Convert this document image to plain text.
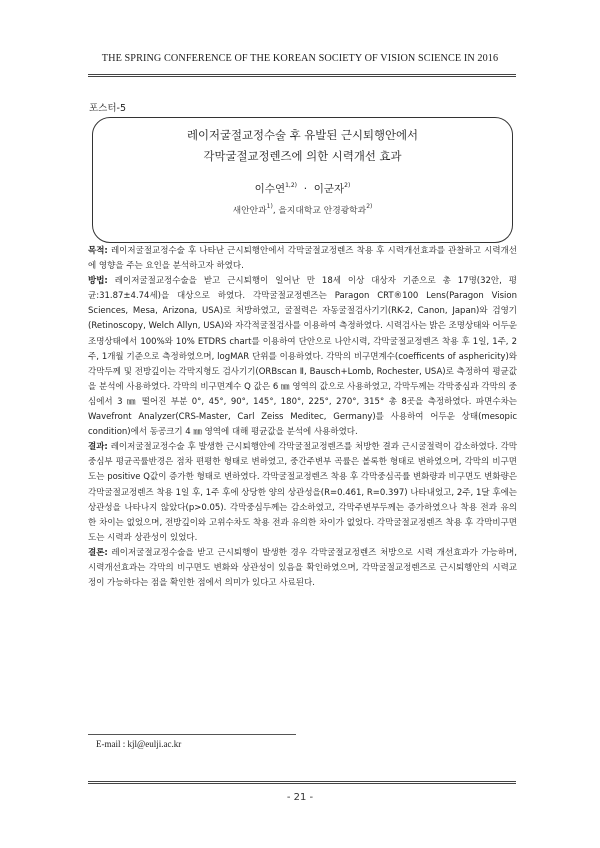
THE SPRING CONFERENCE OF THE KOREAN SOCIETY OF VISION SCIENCE IN 2016
포스터-5
레이저굴절교정수술 후 유발된 근시퇴행안에서
각막굴절교정렌즈에 의한 시력개선 효과
이수연$^{1,2)}$ · 이군자$^{2)}$
새안안과$^{1)}$, 을지대학교 안경광학과$^{2)}$

목적: 레이저굴절교정수술 후 나타난 근시퇴행안에서 각막굴절교정렌즈 착용 후 시력개선효과를 관찰하고 시력개선에 영향을 주는 요인을 분석하고자 하였다.

방법: 레이저굴절교정수술을 받고 근시퇴행이 일어난 만 18세 이상 대상자 기준으로 총 17명(32안, 평균:31.87±4.74세)을 대상으로 하였다. 각막굴절교정렌즈는 Paragon CRT®100 Lens(Paragon Vision Sciences, Mesa, Arizona, USA)로 처방하였고, 굴절력은 자동굴절검사기기(RK-2, Canon, Japan)와 검영기(Retinoscopy, Welch Allyn, USA)와 자각적굴절검사를 이용하여 측정하였다. 시력검사는 밝은 조명상태와 어두운 조명상태에서 100%와 10% ETDRS chart를 이용하여 단안으로 나안시력, 각막굴절교정렌즈 착용 후 1일, 1주, 2주, 1개월 기준으로 측정하였으며, logMAR 단위를 이용하였다. 각막의 비구면계수(coefficents of asphericity)와 각막두께 및 전방깊이는 각막지형도 검사기기(ORBscan Ⅱ, Bausch+Lomb, Rochester, USA)로 측정하여 평균값을 분석에 사용하였다. 각막의 비구면계수 Q 값은 6 ㎜ 영역의 값으로 사용하였고, 각막두께는 각막중심과 각막의 중심에서 3 ㎜ 떨어진 부분 0°, 45°, 90°, 145°, 180°, 225°, 270°, 315° 총 8곳을 측정하였다. 파면수차는 Wavefront Analyzer(CRS-Master, Carl Zeiss Meditec, Germany)를 사용하여 어두운 상태(mesopic condition)에서 동공크기 4 ㎜ 영역에 대해 평균값을 분석에 사용하였다.

결과: 레이저굴절교정수술 후 발생한 근시퇴행안에 각막굴절교정렌즈를 처방한 결과 근시굴절력이 감소하였다. 각막중심부 평균곡률반경은 점차 편평한 형태로 변하였고, 중간주변부 곡률은 볼록한 형태로 변하였으며, 각막의 비구면도는 positive Q값이 증가한 형태로 변하였다. 각막굴절교정렌즈 착용 후 각막중심곡률 변화량과 비구면도 변화량은 각막굴절교정렌즈 착용 1일 후, 1주 후에 상당한 양의 상관성을(R=0.461, R=0.397) 나타내었고, 2주, 1달 후에는 상관성을 나타나지 않았다(p>0.05). 각막중심두께는 감소하였고, 각막주변부두께는 증가하였으나 착용 전과 유의한 차이는 없었으며, 전방깊이와 고위수차도 착용 전과 유의한 차이가 없었다. 각막굴절교정렌즈 착용 후 각막비구면도는 시력과 상관성이 있었다.

결론: 레이저굴절교정수술을 받고 근시퇴행이 발생한 경우 각막굴절교정렌즈 처방으로 시력 개선효과가 가능하며, 시력개선효과는 각막의 비구면도 변화와 상관성이 있음을 확인하였으며, 각막굴절교정렌즈로 근시퇴행안의 시력교정이 가능하다는 점을 확인한 점에서 의미가 있다고 사료된다.

E-mail : kjl@eulji.ac.kr
- 21 -
